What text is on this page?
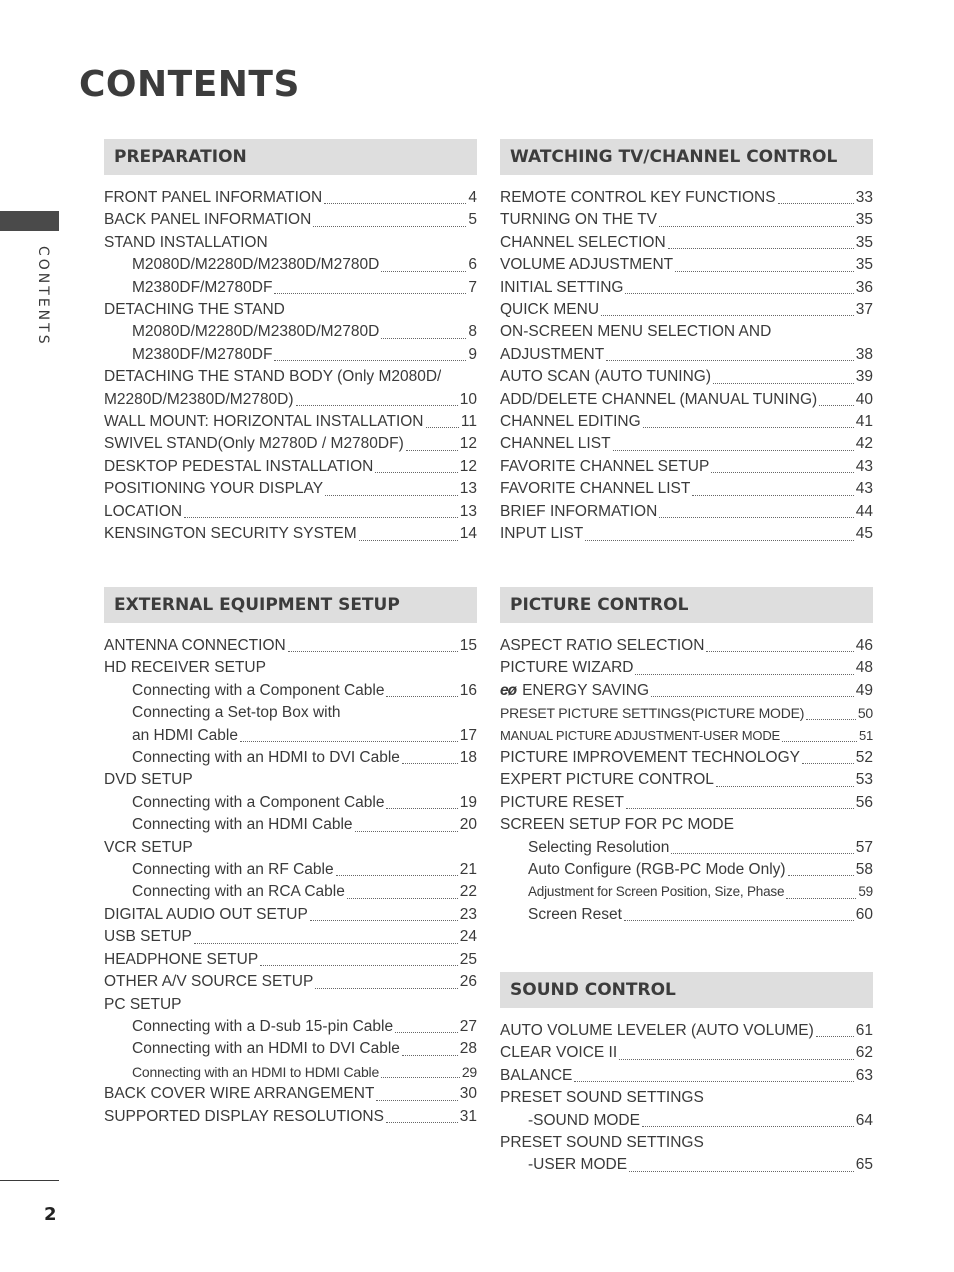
CONTENTS
CONTENTS
2
PREPARATION
FRONT PANEL INFORMATION	4
BACK PANEL INFORMATION	5
STAND INSTALLATION
M2080D/M2280D/M2380D/M2780D	6
M2380DF/M2780DF	7
DETACHING THE STAND
M2080D/M2280D/M2380D/M2780D	8
M2380DF/M2780DF	9
DETACHING THE STAND BODY (Only M2080D/
M2280D/M2380D/M2780D)	10
WALL MOUNT: HORIZONTAL INSTALLATION 11
SWIVEL STAND(Only M2780D / M2780DF)	12
DESKTOP PEDESTAL INSTALLATION	12
POSITIONING YOUR DISPLAY	13
LOCATION	13
KENSINGTON SECURITY SYSTEM	14
WATCHING TV/CHANNEL CONTROL
REMOTE CONTROL KEY FUNCTIONS	33
TURNING ON THE TV	35
CHANNEL SELECTION	35
VOLUME ADJUSTMENT	35
INITIAL SETTING	36
QUICK MENU	37
ON-SCREEN MENU SELECTION AND
ADJUSTMENT	38
AUTO SCAN (AUTO TUNING)	39
ADD/DELETE CHANNEL (MANUAL TUNING) 40
CHANNEL EDITING	41
CHANNEL LIST	42
FAVORITE CHANNEL SETUP	43
FAVORITE CHANNEL LIST	43
BRIEF INFORMATION	44
INPUT LIST	45
EXTERNAL EQUIPMENT SETUP
ANTENNA CONNECTION	15
HD RECEIVER SETUP
Connecting with a Component Cable	16
Connecting a Set-top Box with
an HDMI Cable	17
Connecting with an HDMI to DVI Cable	18
DVD SETUP
Connecting with a Component Cable	19
Connecting with an HDMI Cable	20
VCR SETUP
Connecting with an RF Cable	21
Connecting with an RCA Cable	22
DIGITAL AUDIO OUT SETUP	23
USB SETUP	24
HEADPHONE SETUP	25
OTHER A/V SOURCE SETUP	26
PC SETUP
Connecting with a D-sub 15-pin Cable	27
Connecting with an HDMI to DVI Cable	28
Connecting with an HDMI to HDMI Cable	29
BACK COVER WIRE ARRANGEMENT	30
SUPPORTED DISPLAY RESOLUTIONS	31
PICTURE CONTROL
ASPECT RATIO SELECTION	46
PICTURE WIZARD	48
eø ENERGY SAVING	49
PRESET PICTURE SETTINGS(PICTURE MODE)	50
MANUAL PICTURE ADJUSTMENT-USER MODE	51
PICTURE IMPROVEMENT TECHNOLOGY	52
EXPERT PICTURE CONTROL	53
PICTURE RESET	56
SCREEN SETUP FOR PC MODE
Selecting Resolution	57
Auto Configure (RGB-PC Mode Only)	58
Adjustment for Screen Position, Size, Phase	59
Screen Reset	60
SOUND CONTROL
AUTO VOLUME LEVELER (AUTO VOLUME)	61
CLEAR VOICE II	62
BALANCE	63
PRESET SOUND SETTINGS
-SOUND MODE	64
PRESET SOUND SETTINGS
-USER MODE	65
